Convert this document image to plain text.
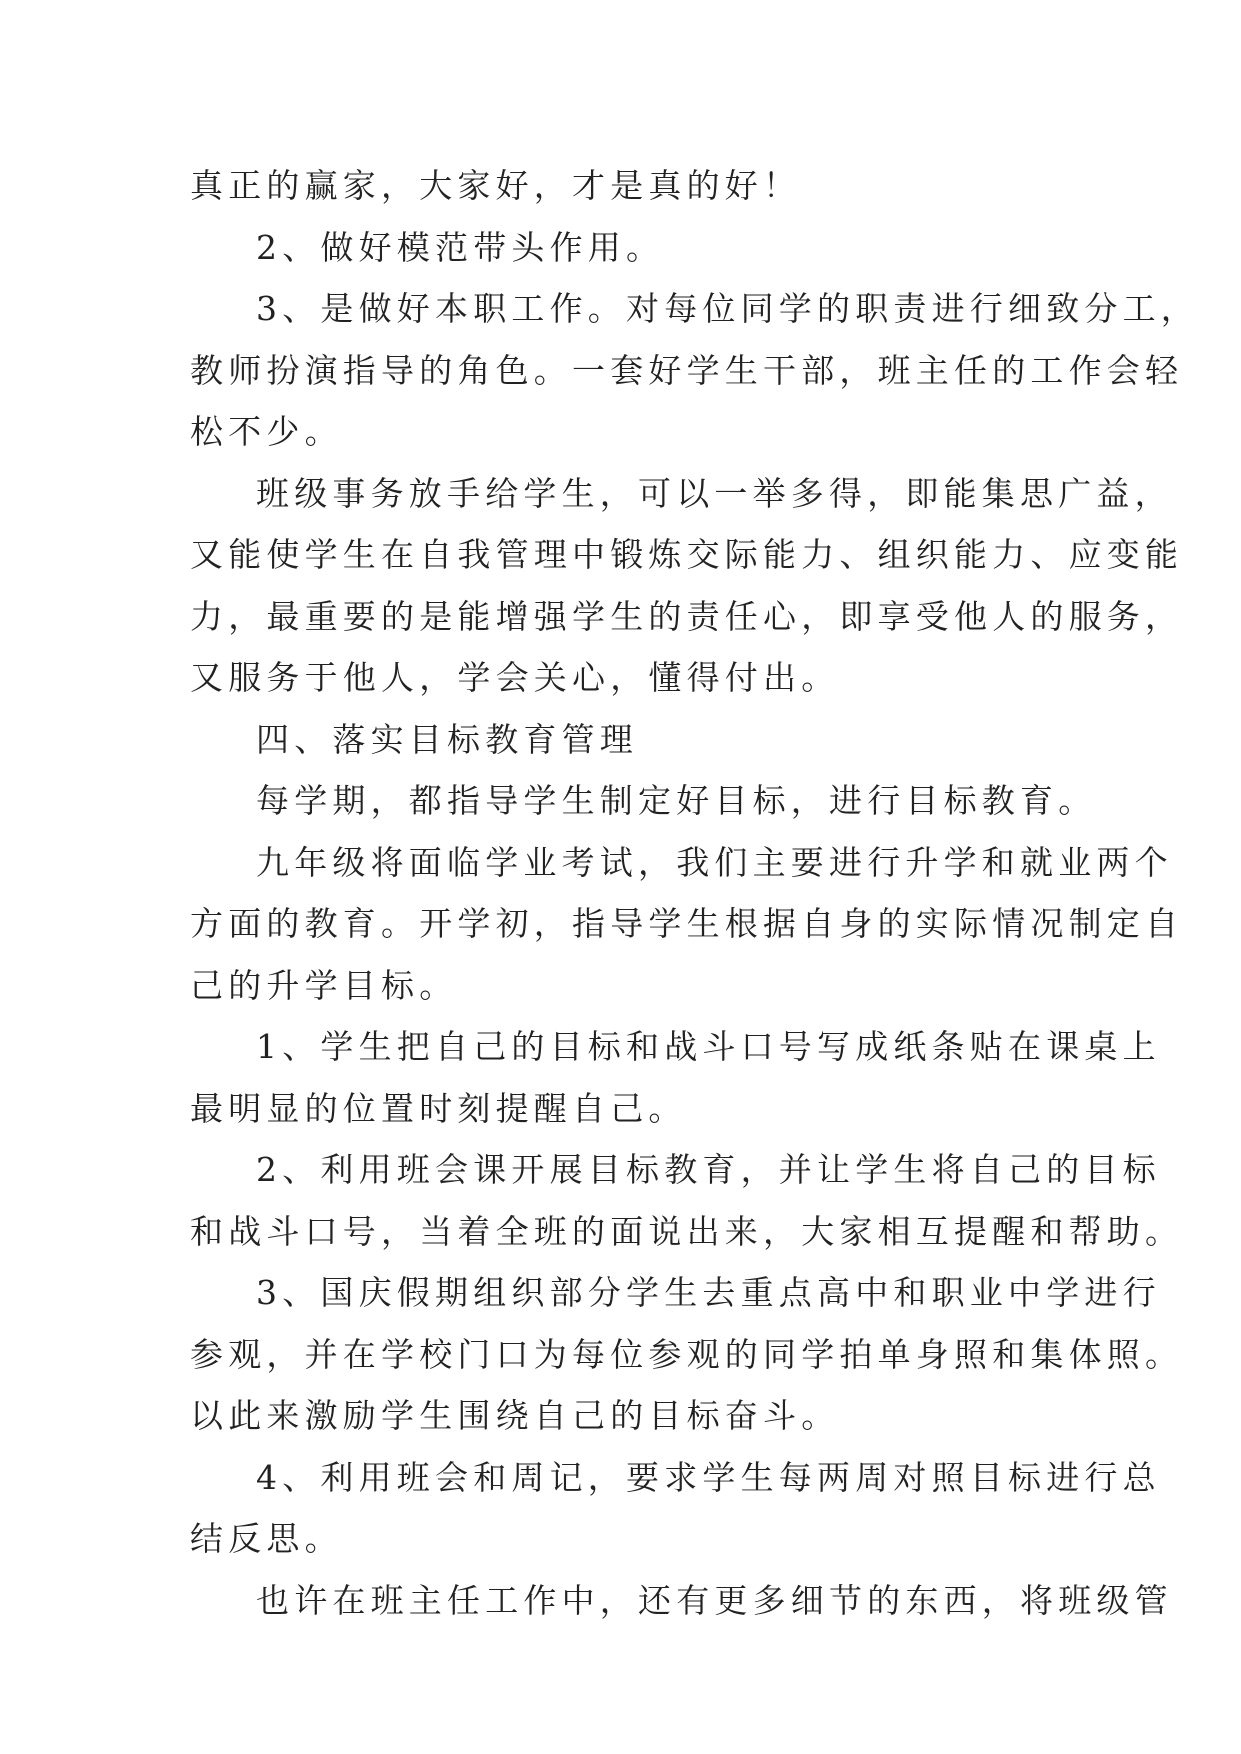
真正的赢家，大家好，才是真的好！
2、做好模范带头作用。
3、是做好本职工作。对每位同学的职责进行细致分工，
教师扮演指导的角色。一套好学生干部，班主任的工作会轻
松不少。
班级事务放手给学生，可以一举多得，即能集思广益，
又能使学生在自我管理中锻炼交际能力、组织能力、应变能
力，最重要的是能增强学生的责任心，即享受他人的服务，
又服务于他人，学会关心，懂得付出。
四、落实目标教育管理
每学期，都指导学生制定好目标，进行目标教育。
九年级将面临学业考试，我们主要进行升学和就业两个
方面的教育。开学初，指导学生根据自身的实际情况制定自
己的升学目标。
1、学生把自己的目标和战斗口号写成纸条贴在课桌上
最明显的位置时刻提醒自己。
2、利用班会课开展目标教育，并让学生将自己的目标
和战斗口号，当着全班的面说出来，大家相互提醒和帮助。
3、国庆假期组织部分学生去重点高中和职业中学进行
参观，并在学校门口为每位参观的同学拍单身照和集体照。
以此来激励学生围绕自己的目标奋斗。
4、利用班会和周记，要求学生每两周对照目标进行总
结反思。
也许在班主任工作中，还有更多细节的东西，将班级管
